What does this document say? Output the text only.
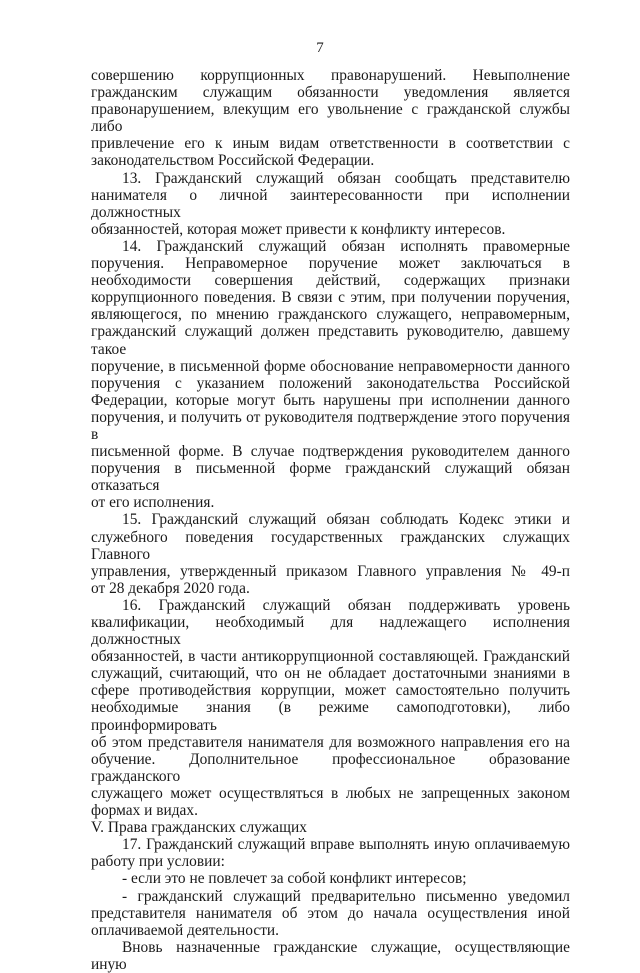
7

совершению коррупционных правонарушений. Невыполнение

гражданским служащим обязанности уведомления является

правонарушением, влекущим его увольнение с гражданской службы либо

привлечение его к иным видам ответственности в соответствии с

законодательством Российской Федерации.

13. Гражданский служащий обязан сообщать представителю

нанимателя о личной заинтересованности при исполнении должностных

обязанностей, которая может привести к конфликту интересов.

14. Гражданский служащий обязан исполнять правомерные

поручения. Неправомерное поручение может заключаться в

необходимости совершения действий, содержащих признаки

коррупционного поведения. В связи с этим, при получении поручения,

являющегося, по мнению гражданского служащего, неправомерным,

гражданский служащий должен представить руководителю, давшему такое

поручение, в письменной форме обоснование неправомерности данного

поручения с указанием положений законодательства Российской

Федерации, которые могут быть нарушены при исполнении данного

поручения, и получить от руководителя подтверждение этого поручения в

письменной форме. В случае подтверждения руководителем данного

поручения в письменной форме гражданский служащий обязан отказаться

от его исполнения.

15. Гражданский служащий обязан соблюдать Кодекс этики и

служебного поведения государственных гражданских служащих Главного

управления, утвержденный приказом Главного управления № 49-п

от 28 декабря 2020 года.

16. Гражданский служащий обязан поддерживать уровень

квалификации, необходимый для надлежащего исполнения должностных

обязанностей, в части антикоррупционной составляющей. Гражданский

служащий, считающий, что он не обладает достаточными знаниями в

сфере противодействия коррупции, может самостоятельно получить

необходимые знания (в режиме самоподготовки), либо проинформировать

об этом представителя нанимателя для возможного направления его на

обучение. Дополнительное профессиональное образование гражданского

служащего может осуществляться в любых не запрещенных законом

формах и видах.

V. Права гражданских служащих

17. Гражданский служащий вправе выполнять иную оплачиваемую

работу при условии:

- если это не повлечет за собой конфликт интересов;

- гражданский служащий предварительно письменно уведомил

представителя нанимателя об этом до начала осуществления иной

оплачиваемой деятельности.

Вновь назначенные гражданские служащие, осуществляющие иную
